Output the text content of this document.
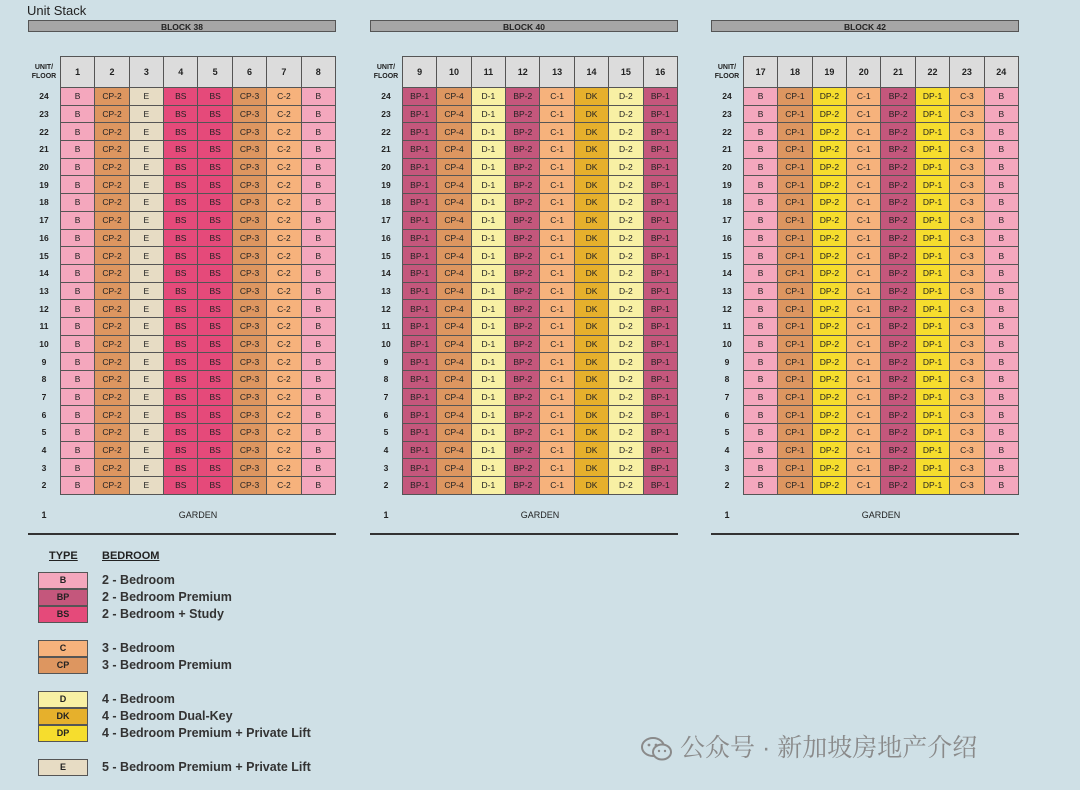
Unit Stack
BLOCK 38
UNIT/
FLOOR	1	2	3	4	5	6	7	8
24	B	CP-2	E	BS	BS	CP-3	C-2	B
23	B	CP-2	E	BS	BS	CP-3	C-2	B
22	B	CP-2	E	BS	BS	CP-3	C-2	B
21	B	CP-2	E	BS	BS	CP-3	C-2	B
20	B	CP-2	E	BS	BS	CP-3	C-2	B
19	B	CP-2	E	BS	BS	CP-3	C-2	B
18	B	CP-2	E	BS	BS	CP-3	C-2	B
17	B	CP-2	E	BS	BS	CP-3	C-2	B
16	B	CP-2	E	BS	BS	CP-3	C-2	B
15	B	CP-2	E	BS	BS	CP-3	C-2	B
14	B	CP-2	E	BS	BS	CP-3	C-2	B
13	B	CP-2	E	BS	BS	CP-3	C-2	B
12	B	CP-2	E	BS	BS	CP-3	C-2	B
11	B	CP-2	E	BS	BS	CP-3	C-2	B
10	B	CP-2	E	BS	BS	CP-3	C-2	B
9	B	CP-2	E	BS	BS	CP-3	C-2	B
8	B	CP-2	E	BS	BS	CP-3	C-2	B
7	B	CP-2	E	BS	BS	CP-3	C-2	B
6	B	CP-2	E	BS	BS	CP-3	C-2	B
5	B	CP-2	E	BS	BS	CP-3	C-2	B
4	B	CP-2	E	BS	BS	CP-3	C-2	B
3	B	CP-2	E	BS	BS	CP-3	C-2	B
2	B	CP-2	E	BS	BS	CP-3	C-2	B
1	GARDEN
BLOCK 40
UNIT/
FLOOR	9	10	11	12	13	14	15	16
24	BP-1	CP-4	D-1	BP-2	C-1	DK	D-2	BP-1
23	BP-1	CP-4	D-1	BP-2	C-1	DK	D-2	BP-1
22	BP-1	CP-4	D-1	BP-2	C-1	DK	D-2	BP-1
21	BP-1	CP-4	D-1	BP-2	C-1	DK	D-2	BP-1
20	BP-1	CP-4	D-1	BP-2	C-1	DK	D-2	BP-1
19	BP-1	CP-4	D-1	BP-2	C-1	DK	D-2	BP-1
18	BP-1	CP-4	D-1	BP-2	C-1	DK	D-2	BP-1
17	BP-1	CP-4	D-1	BP-2	C-1	DK	D-2	BP-1
16	BP-1	CP-4	D-1	BP-2	C-1	DK	D-2	BP-1
15	BP-1	CP-4	D-1	BP-2	C-1	DK	D-2	BP-1
14	BP-1	CP-4	D-1	BP-2	C-1	DK	D-2	BP-1
13	BP-1	CP-4	D-1	BP-2	C-1	DK	D-2	BP-1
12	BP-1	CP-4	D-1	BP-2	C-1	DK	D-2	BP-1
11	BP-1	CP-4	D-1	BP-2	C-1	DK	D-2	BP-1
10	BP-1	CP-4	D-1	BP-2	C-1	DK	D-2	BP-1
9	BP-1	CP-4	D-1	BP-2	C-1	DK	D-2	BP-1
8	BP-1	CP-4	D-1	BP-2	C-1	DK	D-2	BP-1
7	BP-1	CP-4	D-1	BP-2	C-1	DK	D-2	BP-1
6	BP-1	CP-4	D-1	BP-2	C-1	DK	D-2	BP-1
5	BP-1	CP-4	D-1	BP-2	C-1	DK	D-2	BP-1
4	BP-1	CP-4	D-1	BP-2	C-1	DK	D-2	BP-1
3	BP-1	CP-4	D-1	BP-2	C-1	DK	D-2	BP-1
2	BP-1	CP-4	D-1	BP-2	C-1	DK	D-2	BP-1
1	GARDEN
BLOCK 42
UNIT/
FLOOR	17	18	19	20	21	22	23	24
24	B	CP-1	DP-2	C-1	BP-2	DP-1	C-3	B
23	B	CP-1	DP-2	C-1	BP-2	DP-1	C-3	B
22	B	CP-1	DP-2	C-1	BP-2	DP-1	C-3	B
21	B	CP-1	DP-2	C-1	BP-2	DP-1	C-3	B
20	B	CP-1	DP-2	C-1	BP-2	DP-1	C-3	B
19	B	CP-1	DP-2	C-1	BP-2	DP-1	C-3	B
18	B	CP-1	DP-2	C-1	BP-2	DP-1	C-3	B
17	B	CP-1	DP-2	C-1	BP-2	DP-1	C-3	B
16	B	CP-1	DP-2	C-1	BP-2	DP-1	C-3	B
15	B	CP-1	DP-2	C-1	BP-2	DP-1	C-3	B
14	B	CP-1	DP-2	C-1	BP-2	DP-1	C-3	B
13	B	CP-1	DP-2	C-1	BP-2	DP-1	C-3	B
12	B	CP-1	DP-2	C-1	BP-2	DP-1	C-3	B
11	B	CP-1	DP-2	C-1	BP-2	DP-1	C-3	B
10	B	CP-1	DP-2	C-1	BP-2	DP-1	C-3	B
9	B	CP-1	DP-2	C-1	BP-2	DP-1	C-3	B
8	B	CP-1	DP-2	C-1	BP-2	DP-1	C-3	B
7	B	CP-1	DP-2	C-1	BP-2	DP-1	C-3	B
6	B	CP-1	DP-2	C-1	BP-2	DP-1	C-3	B
5	B	CP-1	DP-2	C-1	BP-2	DP-1	C-3	B
4	B	CP-1	DP-2	C-1	BP-2	DP-1	C-3	B
3	B	CP-1	DP-2	C-1	BP-2	DP-1	C-3	B
2	B	CP-1	DP-2	C-1	BP-2	DP-1	C-3	B
1	GARDEN
TYPE BEDROOM
B	2 - Bedroom
BP	2 - Bedroom Premium
BS	2 - Bedroom + Study
C	3 - Bedroom
CP	3 - Bedroom Premium
D	4 - Bedroom
DK	4 - Bedroom Dual-Key
DP	4 - Bedroom Premium + Private Lift
E	5 - Bedroom Premium + Private Lift
公众号 · 新加坡房地产介绍
